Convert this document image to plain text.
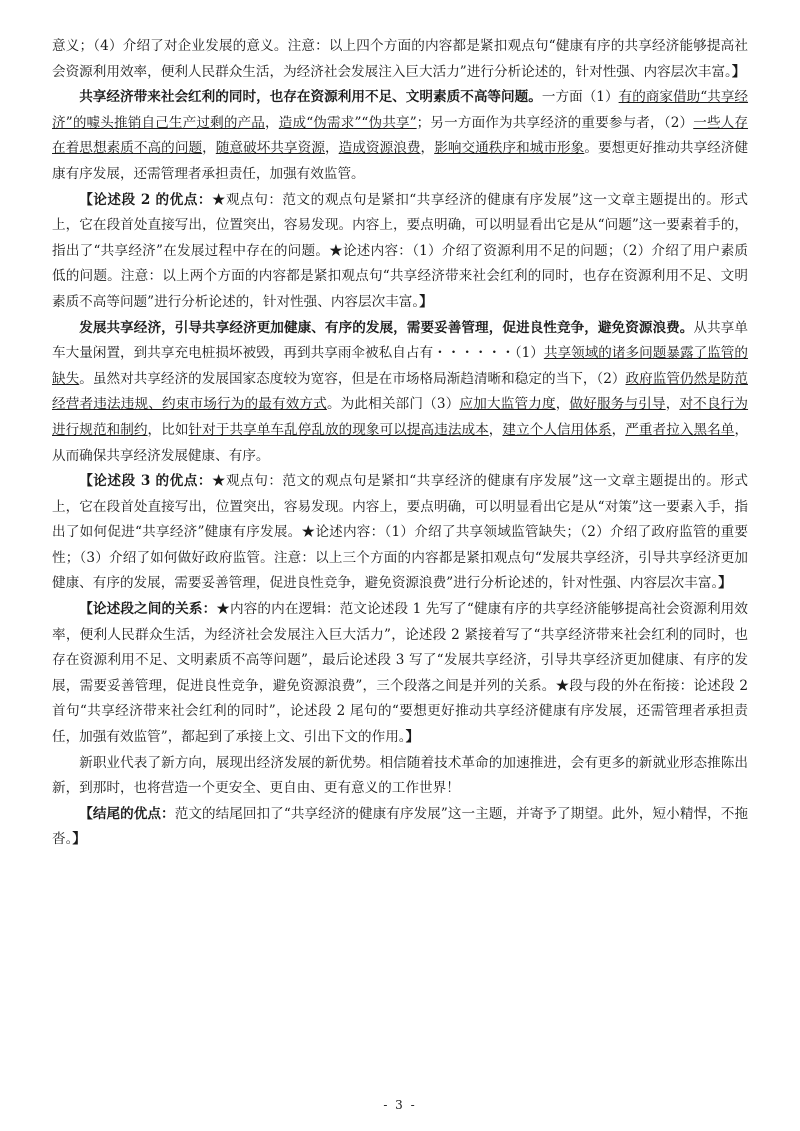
意义；（4）介绍了对企业发展的意义。注意：以上四个方面的内容都是紧扣观点句“健康有序的共享经济能够提高社会资源利用效率，便利人民群众生活，为经济社会发展注入巨大活力”进行分析论述的，针对性强、内容层次丰富。】

共享经济带来社会红利的同时，也存在资源利用不足、文明素质不高等问题。一方面（1）有的商家借助“共享经济”的噱头推销自己生产过剩的产品，造成“伪需求”“伪共享”；另一方面作为共享经济的重要参与者，（2）一些人存在着思想素质不高的问题，随意破坏共享资源，造成资源浪费，影响交通秩序和城市形象。要想更好推动共享经济健康有序发展，还需管理者承担责任，加强有效监管。

【论述段 2 的优点：★观点句：范文的观点句是紧扣“共享经济的健康有序发展”这一文章主题提出的。形式上，它在段首处直接写出，位置突出，容易发现。内容上，要点明确，可以明显看出它是从“问题”这一要素着手的，指出了“共享经济”在发展过程中存在的问题。★论述内容：（1）介绍了资源利用不足的问题；（2）介绍了用户素质低的问题。注意：以上两个方面的内容都是紧扣观点句“共享经济带来社会红利的同时，也存在资源利用不足、文明素质不高等问题”进行分析论述的，针对性强、内容层次丰富。】

发展共享经济，引导共享经济更加健康、有序的发展，需要妥善管理，促进良性竞争，避免资源浪费。从共享单车大量闲置，到共享充电桩损坏被毁，再到共享雨伞被私自占有・・・・・・（1）共享领域的诸多问题暴露了监管的缺失。虽然对共享经济的发展国家态度较为宽容，但是在市场格局渐趋清晰和稳定的当下，（2）政府监管仍然是防范经营者违法违规、约束市场行为的最有效方式。为此相关部门（3）应加大监管力度，做好服务与引导，对不良行为进行规范和制约，比如针对于共享单车乱停乱放的现象可以提高违法成本，建立个人信用体系，严重者拉入黑名单，从而确保共享经济发展健康、有序。

【论述段 3 的优点：★观点句：范文的观点句是紧扣“共享经济的健康有序发展”这一文章主题提出的。形式上，它在段首处直接写出，位置突出，容易发现。内容上，要点明确，可以明显看出它是从“对策”这一要素入手，指出了如何促进“共享经济”健康有序发展。★论述内容：（1）介绍了共享领域监管缺失；（2）介绍了政府监管的重要性；（3）介绍了如何做好政府监管。注意：以上三个方面的内容都是紧扣观点句“发展共享经济，引导共享经济更加健康、有序的发展，需要妥善管理，促进良性竞争，避免资源浪费”进行分析论述的，针对性强、内容层次丰富。】

【论述段之间的关系：★内容的内在逻辑：范文论述段 1 先写了“健康有序的共享经济能够提高社会资源利用效率，便利人民群众生活，为经济社会发展注入巨大活力”，论述段 2 紧接着写了“共享经济带来社会红利的同时，也存在资源利用不足、文明素质不高等问题”，最后论述段 3 写了“发展共享经济，引导共享经济更加健康、有序的发展，需要妥善管理，促进良性竞争，避免资源浪费”，三个段落之间是并列的关系。★段与段的外在衔接：论述段 2 首句“共享经济带来社会红利的同时”，论述段 2 尾句的“要想更好推动共享经济健康有序发展，还需管理者承担责任，加强有效监管”，都起到了承接上文、引出下文的作用。】

新职业代表了新方向，展现出经济发展的新优势。相信随着技术革命的加速推进，会有更多的新就业形态推陈出新，到那时，也将营造一个更安全、更自由、更有意义的工作世界！

【结尾的优点：范文的结尾回扣了“共享经济的健康有序发展”这一主题，并寄予了期望。此外，短小精悍，不拖沓。】

- 3 -
